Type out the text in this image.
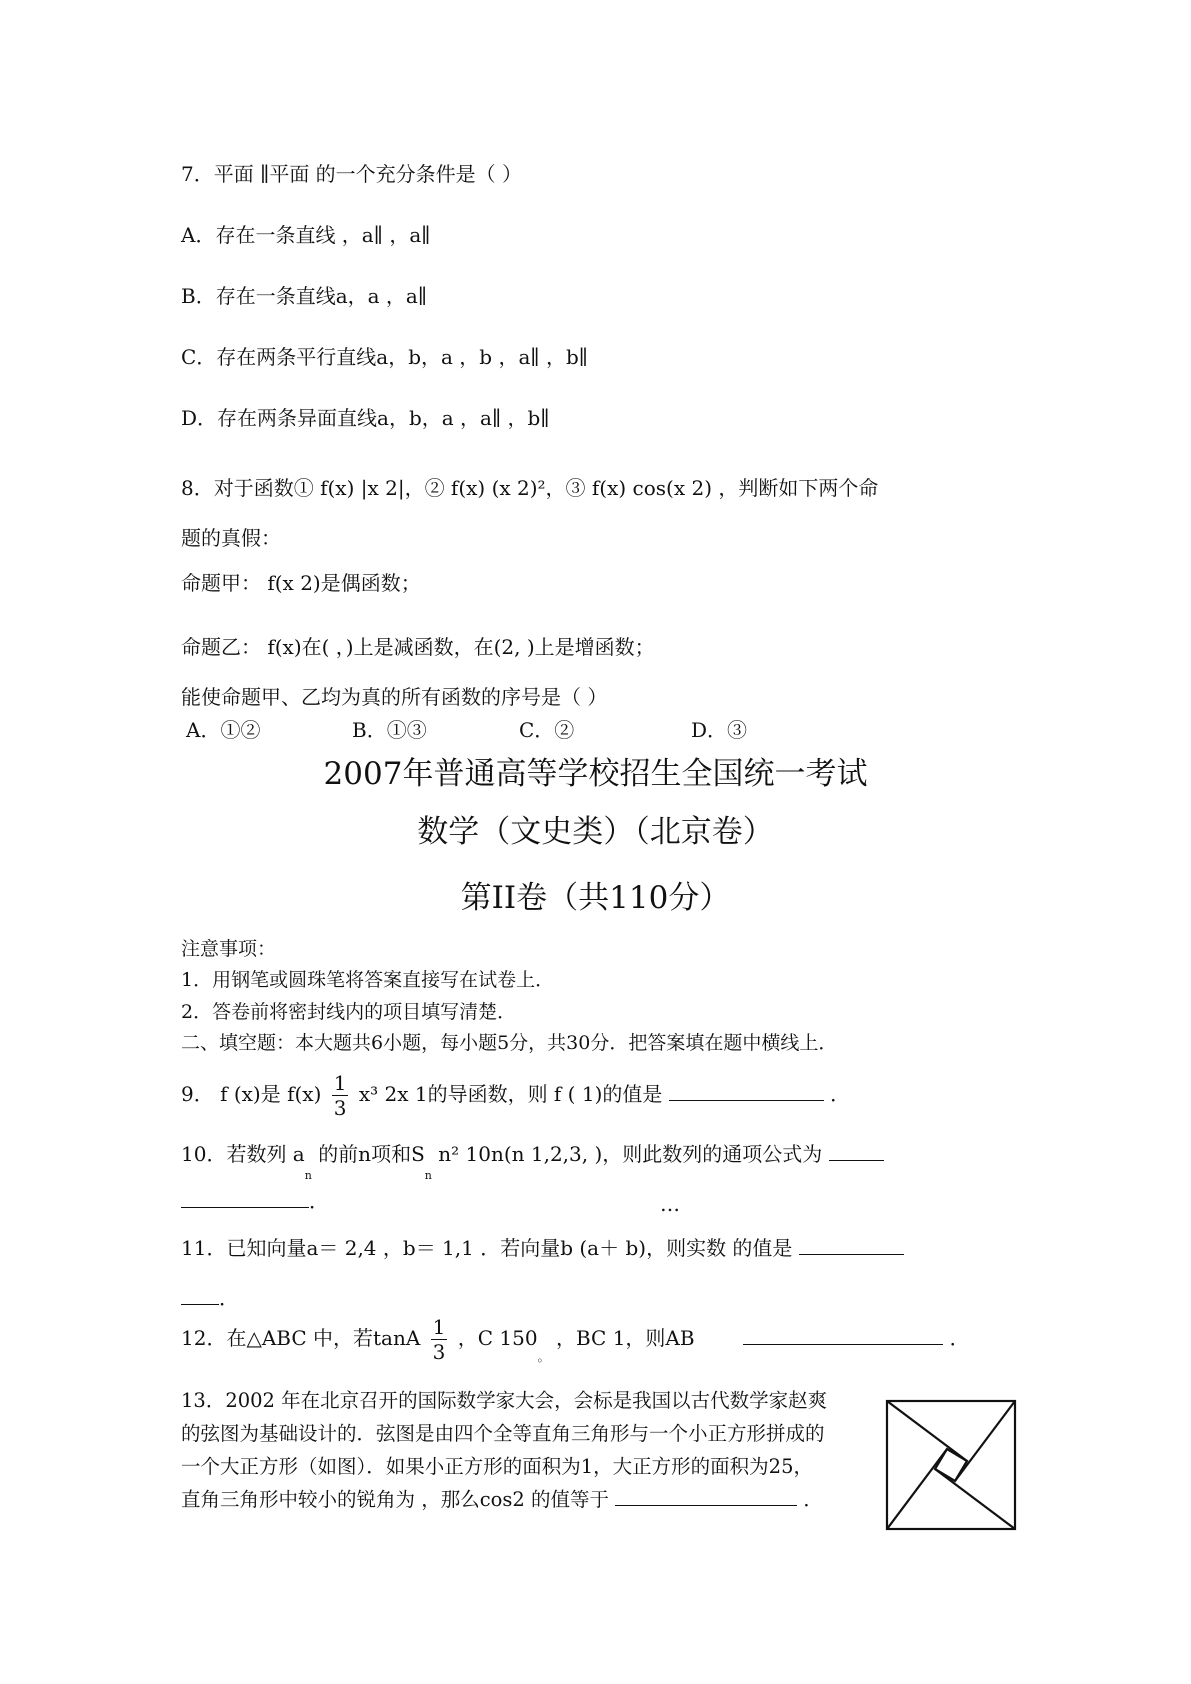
7．平面 ∥平面 的一个充分条件是（ ）
A．存在一条直线 ，a∥ ，a∥
B．存在一条直线a，a ，a∥
C．存在两条平行直线a，b，a ，b ，a∥ ，b∥
D．存在两条异面直线a，b，a ，a∥ ，b∥
8．对于函数① f(x) |x 2|，② f(x) (x 2)²，③ f(x) cos(x 2) ，判断如下两个命
题的真假：
命题甲： f(x 2)是偶函数；
命题乙： f(x)在( ，)上是减函数，在(2, )上是增函数；
能使命题甲、乙均为真的所有函数的序号是（ ）
A．①②	B．①③	C．②	D．③
2007年普通高等学校招生全国统一考试
数学（文史类）（北京卷）
第II卷（共110分）
注意事项：
1．用钢笔或圆珠笔将答案直接写在试卷上．
2．答卷前将密封线内的项目填写清楚．
二、填空题：本大题共6小题，每小题5分，共30分．把答案填在题中横线上．
9． f (x)是 $f(x) \frac{1}{3} x^3$ 2x 1的导函数，则 f ( 1)的值是	．
10．若数列 $a_n$ 的前n项和$S_n$ n² 10n(n 1,2,3, )，则此数列的通项公式为
．	…
11．已知向量a＝ 2,4 ，b＝ 1,1 ．若向量b (a＋ b)，则实数 的值是
．
12．在△ABC 中，若tanA $\frac{1}{3}$ ，C $150_。$ ，BC 1，则AB	．
13．2002 年在北京召开的国际数学家大会，会标是我国以古代数学家赵爽
的弦图为基础设计的．弦图是由四个全等直角三角形与一个小正方形拼成的
一个大正方形（如图）．如果小正方形的面积为1，大正方形的面积为25，
直角三角形中较小的锐角为 ，那么cos2 的值等于	．
